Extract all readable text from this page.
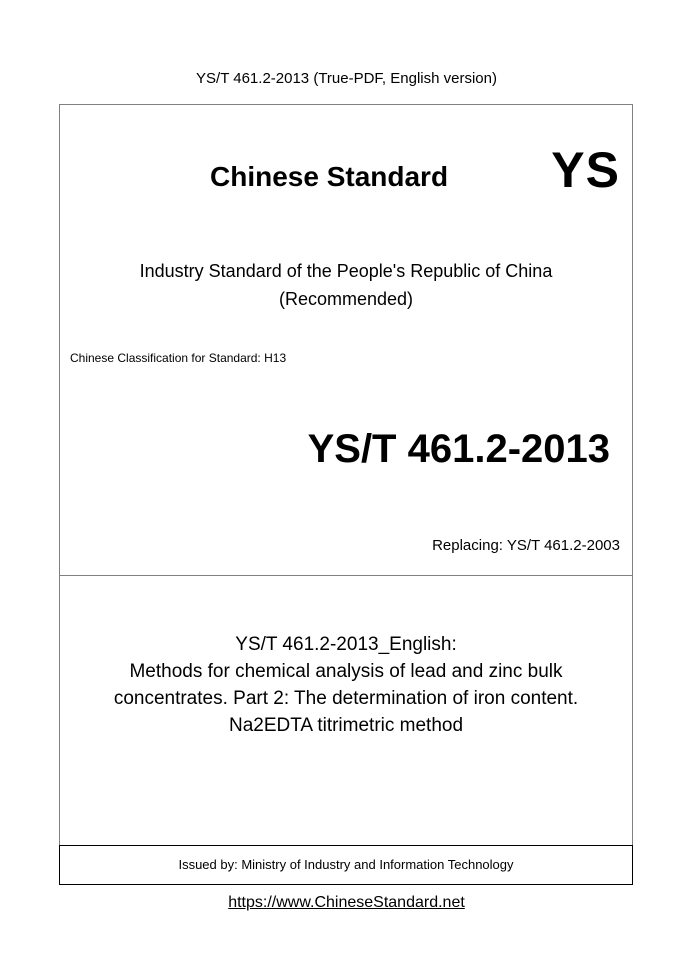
YS/T 461.2-2013 (True-PDF, English version)
Chinese Standard YS
Industry Standard of the People's Republic of China
(Recommended)
Chinese Classification for Standard: H13
YS/T 461.2-2013
Replacing: YS/T 461.2-2003
YS/T 461.2-2013_English:
Methods for chemical analysis of lead and zinc bulk
concentrates. Part 2: The determination of iron content.
Na2EDTA titrimetric method
Issued by: Ministry of Industry and Information Technology
https://www.ChineseStandard.net
